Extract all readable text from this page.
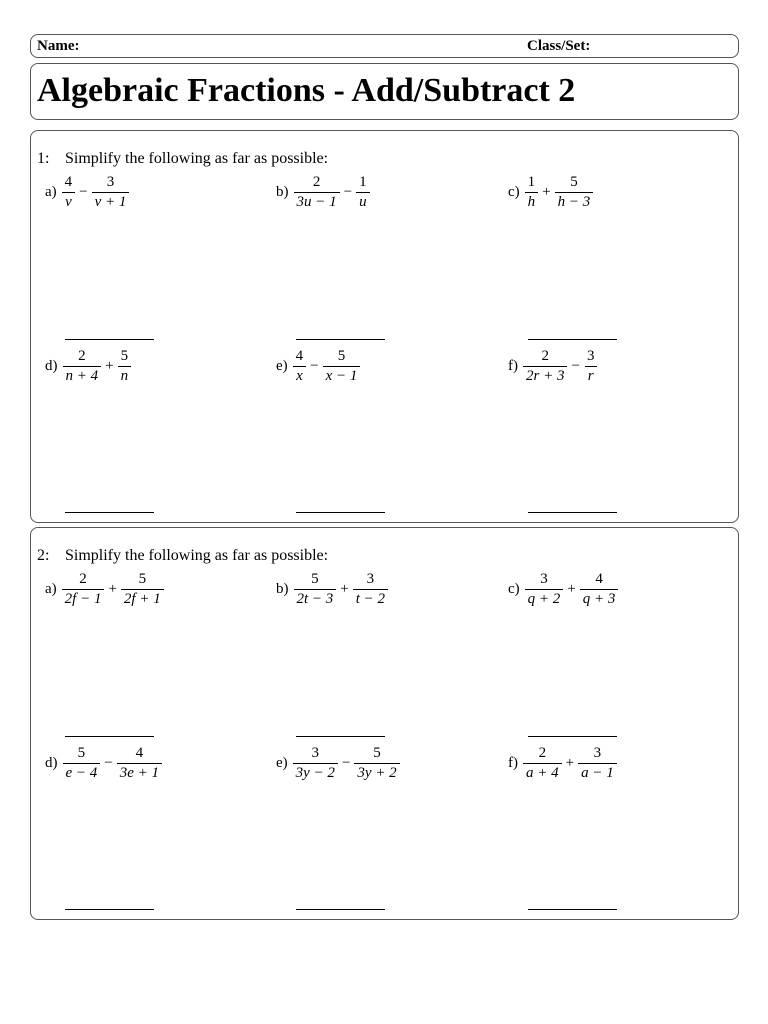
Name:	Class/Set:
Algebraic Fractions - Add/Subtract 2
1: Simplify the following as far as possible:
$a) \frac{4}{v} - \frac{3}{v + 1}$	$b) \frac{2}{3u - 1} - \frac{1}{u}$	$c) \frac{1}{h} + \frac{5}{h - 3}$
$d) \frac{2}{n + 4} + \frac{5}{n}$	$e) \frac{4}{x} - \frac{5}{x - 1}$	$f) \frac{2}{2r + 3} - \frac{3}{r}$
2: Simplify the following as far as possible:
$a) \frac{2}{2f - 1} + \frac{5}{2f + 1}$	$b) \frac{5}{2t - 3} + \frac{3}{t - 2}$	$c) \frac{3}{q + 2} + \frac{4}{q + 3}$
$d) \frac{5}{e - 4} - \frac{4}{3e + 1}$	$e) \frac{3}{3y - 2} - \frac{5}{3y + 2}$	$f) \frac{2}{a + 4} + \frac{3}{a - 1}$
